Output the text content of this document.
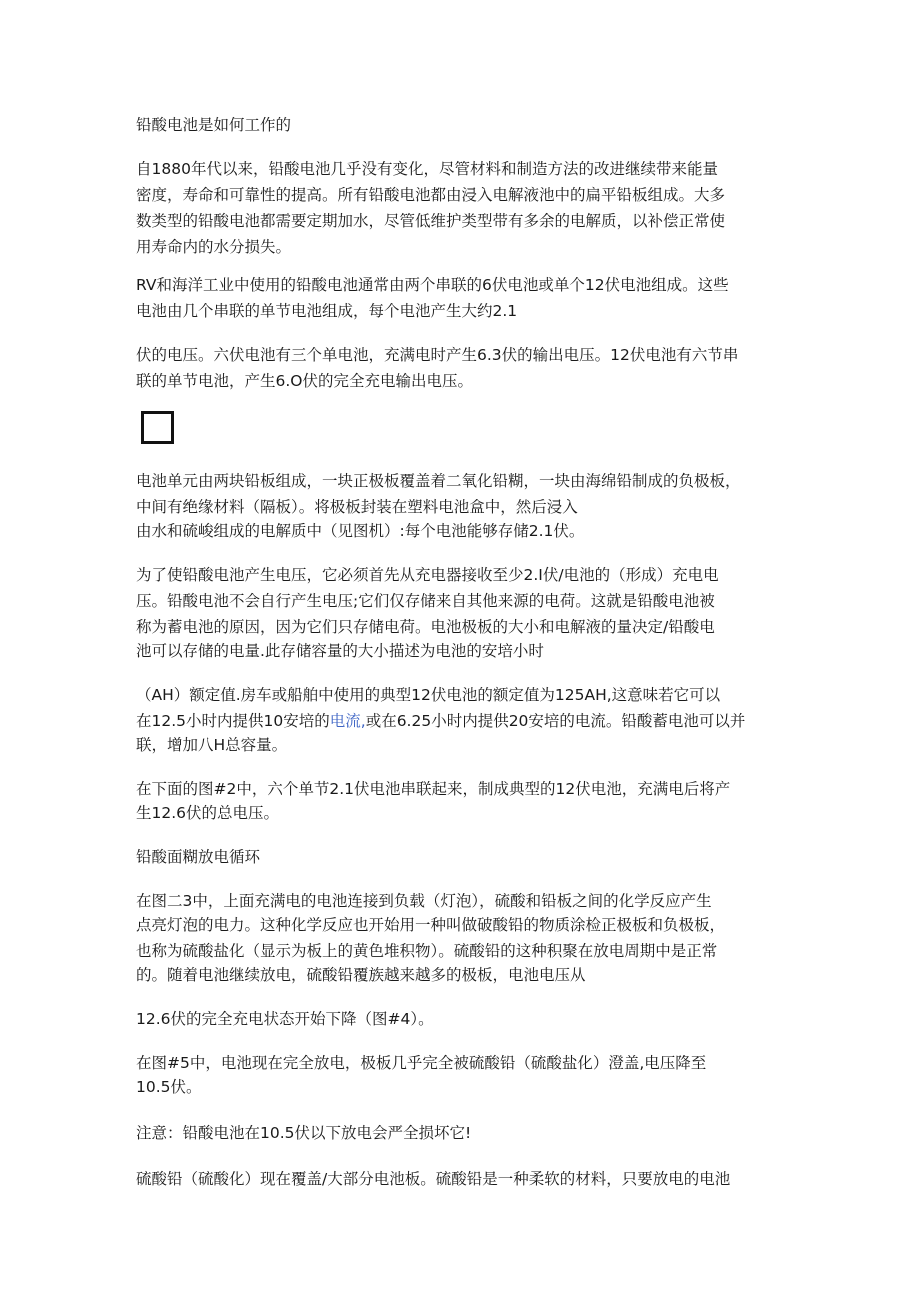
铅酸电池是如何工作的
自1880年代以来，铅酸电池几乎没有变化，尽管材料和制造方法的改进继续带来能量
密度，寿命和可靠性的提高。所有铅酸电池都由浸入电解液池中的扁平铅板组成。大多
数类型的铅酸电池都需要定期加水，尽管低维护类型带有多余的电解质，以补偿正常使
用寿命内的水分损失。
RV和海洋工业中使用的铅酸电池通常由两个串联的6伏电池或单个12伏电池组成。这些
电池由几个串联的单节电池组成，每个电池产生大约2.1
伏的电压。六伏电池有三个单电池，充满电时产生6.3伏的输出电压。12伏电池有六节串
联的单节电池，产生6.O伏的完全充电输出电压。
电池单元由两块铅板组成，一块正极板覆盖着二氧化铅糊，一块由海绵铅制成的负极板，
中间有绝缘材料（隔板）。将极板封装在塑料电池盒中，然后浸入
由水和硫峻组成的电解质中（见图机）:每个电池能够存储2.1伏。
为了使铅酸电池产生电压，它必须首先从充电器接收至少2.I伏/电池的（形成）充电电
压。铅酸电池不会自行产生电压;它们仅存储来自其他来源的电荷。这就是铅酸电池被
称为蓄电池的原因，因为它们只存储电荷。电池极板的大小和电解液的量决定/铅酸电
池可以存储的电量.此存储容量的大小描述为电池的安培小时
（AH）额定值.房车或船舶中使用的典型12伏电池的额定值为125AH,这意味若它可以
在12.5小时内提供10安培的电流,或在6.25小时内提供20安培的电流。铅酸蓄电池可以并
联，增加八H总容量。
在下面的图#2中，六个单节2.1伏电池串联起来，制成典型的12伏电池，充满电后将产
生12.6伏的总电压。
铅酸面糊放电循环
在图二3中，上面充满电的电池连接到负载（灯泡），硫酸和铅板之间的化学反应产生
点亮灯泡的电力。这种化学反应也开始用一种叫做破酸铅的物质涂检正极板和负极板，
也称为硫酸盐化（显示为板上的黄色堆积物）。硫酸铅的这种积聚在放电周期中是正常
的。随着电池继续放电，硫酸铅覆族越来越多的极板，电池电压从
12.6伏的完全充电状态开始下降（图#4）。
在图#5中，电池现在完全放电，极板几乎完全被硫酸铅（硫酸盐化）澄盖,电压降至
10.5伏。
注意：铅酸电池在10.5伏以下放电会严全损坏它!
硫酸铅（硫酸化）现在覆盖/大部分电池板。硫酸铅是一种柔软的材料，只要放电的电池
